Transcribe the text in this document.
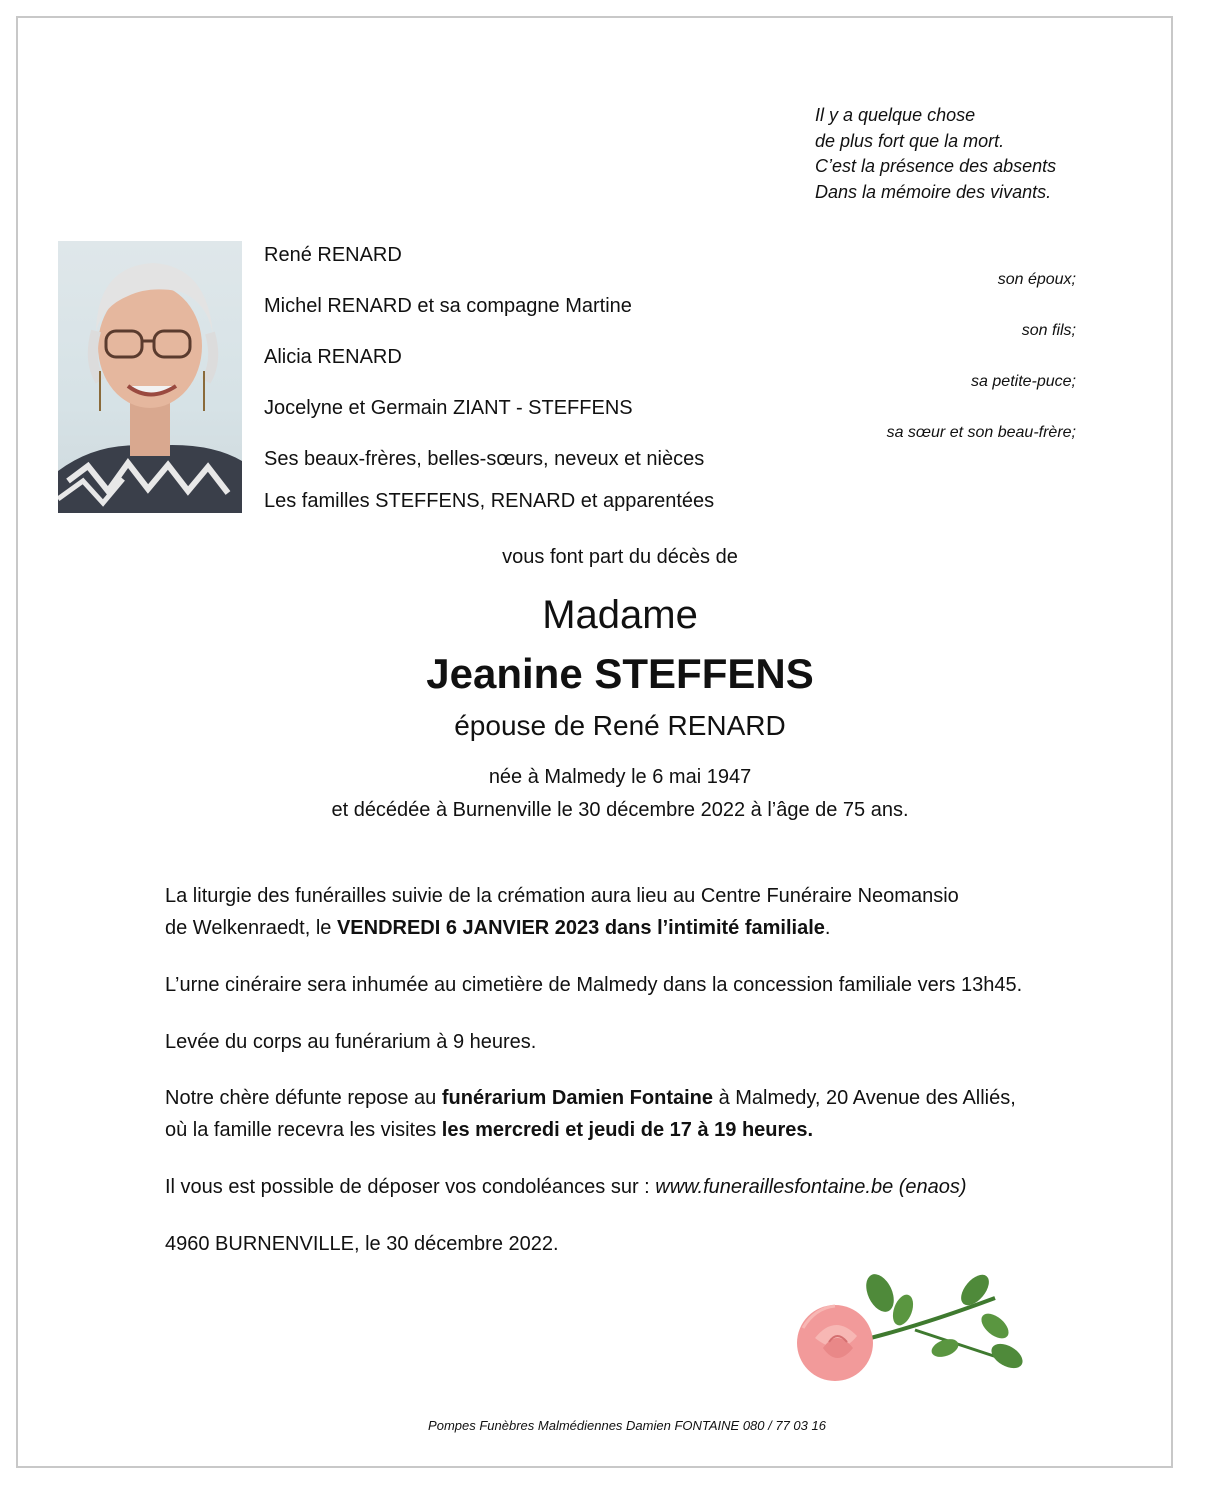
Il y a quelque chose
de plus fort que la mort.
C’est la présence des absents
Dans la mémoire des vivants.
René RENARD
son époux;
Michel RENARD et sa compagne Martine
son fils;
Alicia RENARD
sa petite-puce;
Jocelyne et Germain ZIANT - STEFFENS
sa sœur et son beau-frère;
Ses beaux-frères, belles-sœurs, neveux et nièces
Les familles STEFFENS, RENARD et apparentées
vous font part du décès de
Madame
Jeanine STEFFENS
épouse de René RENARD
née à Malmedy le 6 mai 1947
et décédée à Burnenville le 30 décembre 2022 à l’âge de 75 ans.
La liturgie des funérailles suivie de la crémation aura lieu au Centre Funéraire Neomansio
de Welkenraedt, le VENDREDI 6 JANVIER 2023 dans l’intimité familiale.
L’urne cinéraire sera inhumée au cimetière de Malmedy dans la concession familiale vers 13h45.
Levée du corps au funérarium à 9 heures.
Notre chère défunte repose au funérarium Damien Fontaine à Malmedy, 20 Avenue des Alliés,
où la famille recevra les visites les mercredi et jeudi de 17 à 19 heures.
Il vous est possible de déposer vos condoléances sur : www.funeraillesfontaine.be (enaos)
4960 BURNENVILLE, le 30 décembre 2022.
Pompes Funèbres Malmédiennes Damien FONTAINE 080 / 77 03 16
